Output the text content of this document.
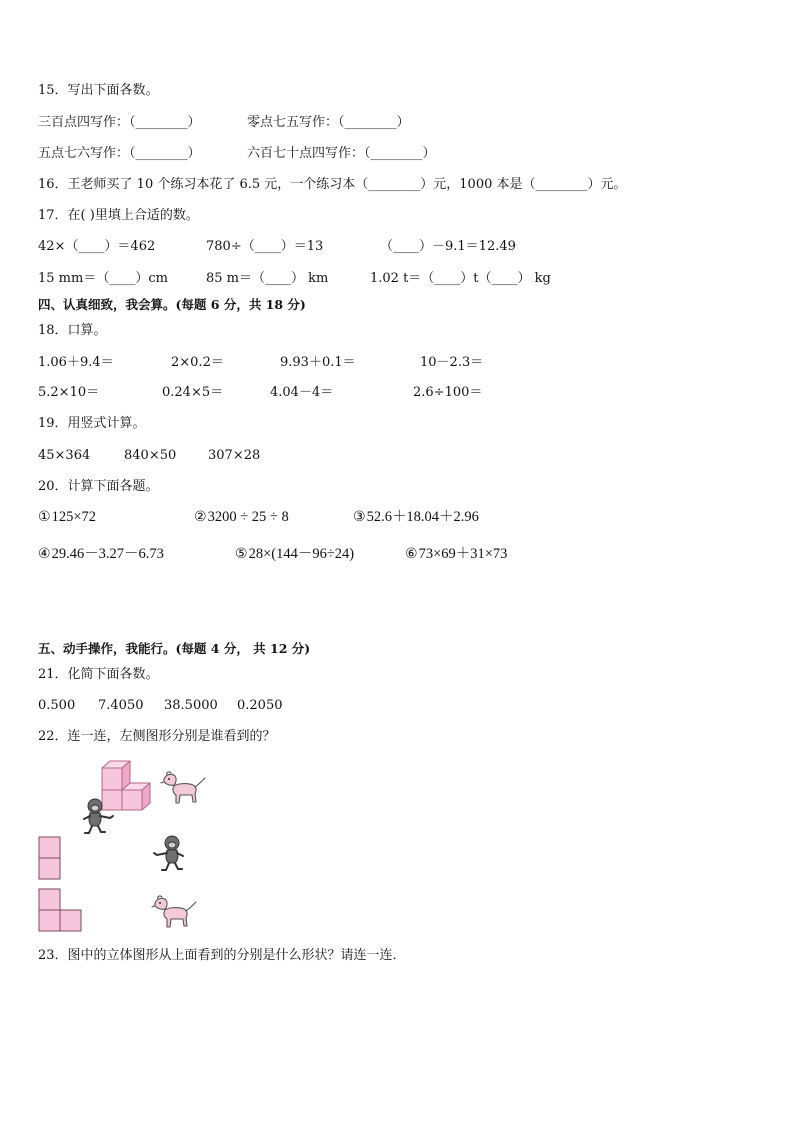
15．写出下面各数。
三百点四写作：（________）	零点七五写作：（________）
五点七六写作：（________）	六百七十点四写作：（________）
16．王老师买了 10 个练习本花了 6.5 元，一个练习本（________）元，1000 本是（________）元。
17．在( )里填上合适的数。
42×（____）＝462	780÷（____）＝13	（____）－9.1＝12.49
15 mm＝（____）cm	85 m＝（____） km	1.02 t＝（____）t（____） kg
四、认真细致，我会算。(每题 6 分，共 18 分)
18．口算。
1.06＋9.4＝	2×0.2＝	9.93＋0.1＝	10－2.3＝
5.2×10＝	0.24×5＝	4.04－4＝	2.6÷100＝
19．用竖式计算。
45×364	840×50 307×28
20．计算下面各题。
①125×72	②3200 ÷ 25 ÷ 8	③52.6＋18.04＋2.96
④29.46－3.27－6.73	⑤28×(144－96÷24)	⑥73×69＋31×73
五、动手操作，我能行。(每题 4 分， 共 12 分)
21．化简下面各数。
0.500 7.4050 38.5000 0.2050
22．连一连，左侧图形分别是谁看到的？
23．图中的立体图形从上面看到的分别是什么形状？请连一连．
